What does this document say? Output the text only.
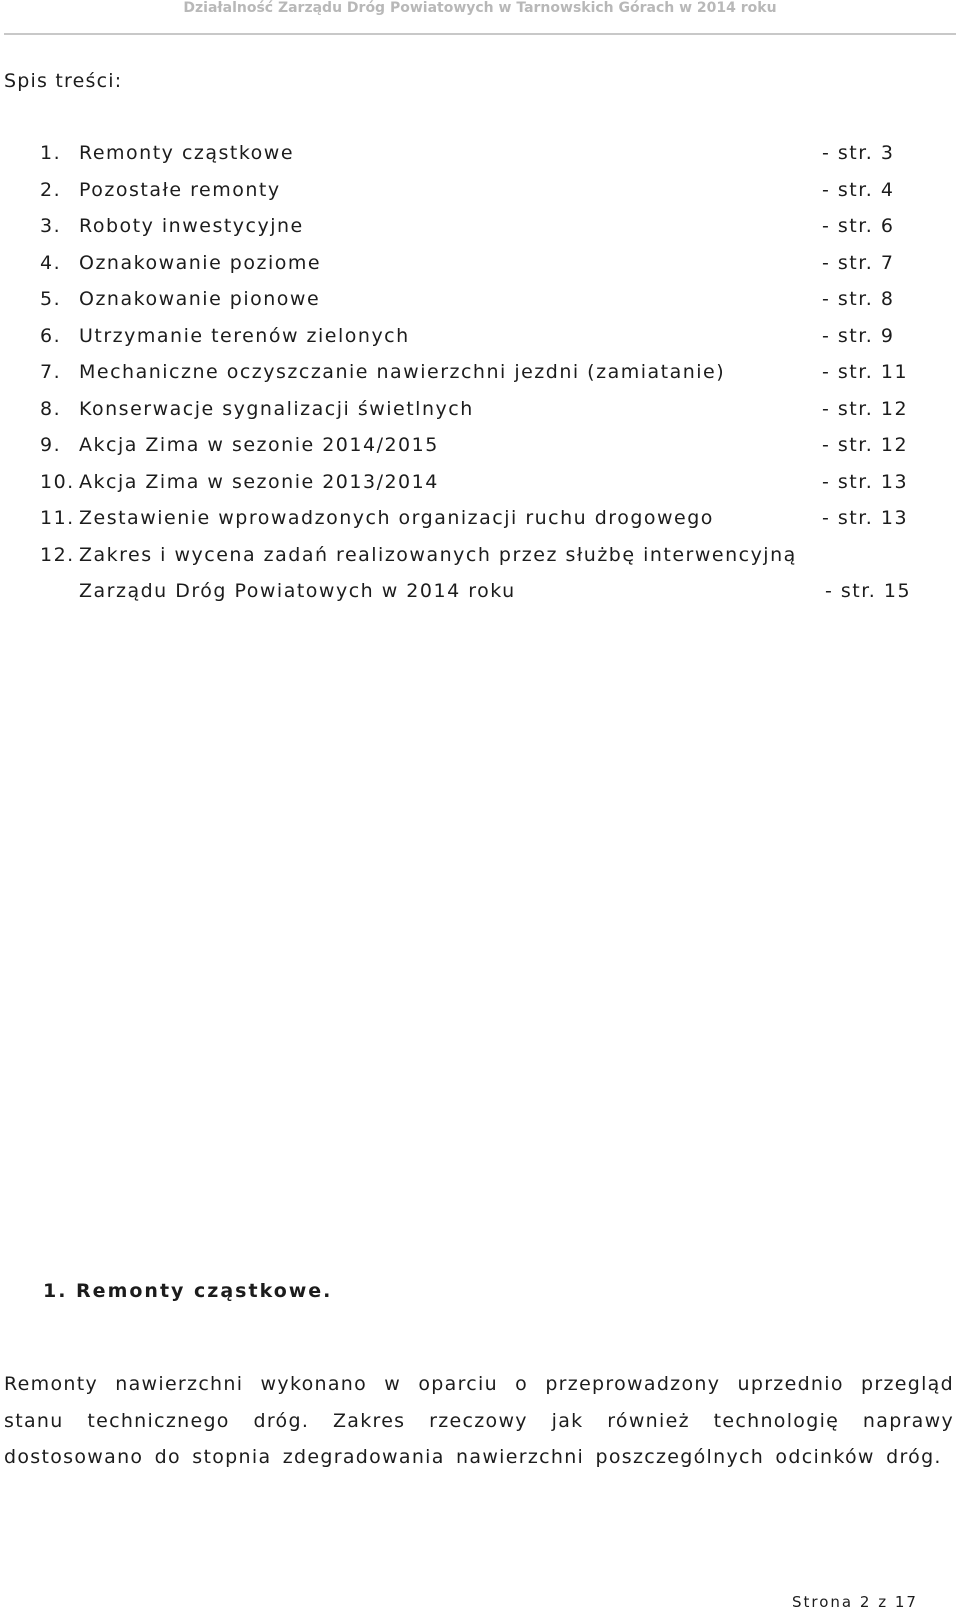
Działalność Zarządu Dróg Powiatowych w Tarnowskich Górach w 2014 roku
Spis treści:
1. Remonty cząstkowe	- str. 3
2. Pozostałe remonty	- str. 4
3. Roboty inwestycyjne	- str. 6
4. Oznakowanie poziome	- str. 7
5. Oznakowanie pionowe	- str. 8
6. Utrzymanie terenów zielonych	- str. 9
7. Mechaniczne oczyszczanie nawierzchni jezdni (zamiatanie)	- str. 11
8. Konserwacje sygnalizacji świetlnych	- str. 12
9. Akcja Zima w sezonie 2014/2015	- str. 12
10. Akcja Zima w sezonie 2013/2014	- str. 13
11. Zestawienie wprowadzonych organizacji ruchu drogowego	- str. 13
12. Zakres i wycena zadań realizowanych przez służbę interwencyjną
Zarządu Dróg Powiatowych w 2014 roku	- str. 15
1. Remonty cząstkowe.

Remonty nawierzchni wykonano w oparciu o przeprowadzony uprzednio przegląd stanu technicznego dróg. Zakres rzeczowy jak również technologię naprawy dostosowano do stopnia zdegradowania nawierzchni poszczególnych odcinków dróg.

Strona 2 z 17
